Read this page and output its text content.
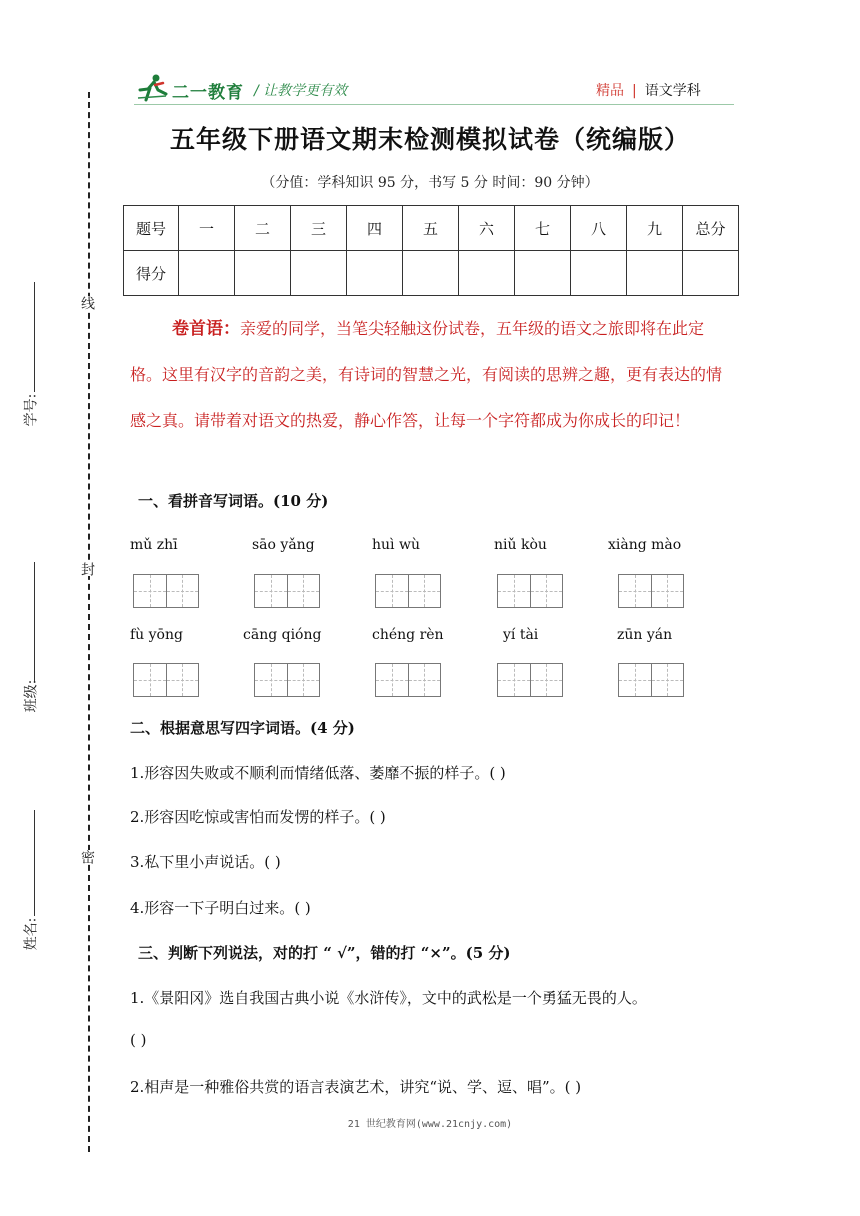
二一教育 / 让教学更有效	精品 | 语文学科
线
封
密
学号:
班级:
姓名:
五年级下册语文期末检测模拟试卷（统编版）
（分值：学科知识 95 分，书写 5 分 时间：90 分钟）
题号	一	二	三	四	五	六	七	八	九	总分
得分										
卷首语：亲爱的同学，当笔尖轻触这份试卷，五年级的语文之旅即将在此定格。这里有汉字的音韵之美，有诗词的智慧之光，有阅读的思辨之趣，更有表达的情感之真。请带着对语文的热爱，静心作答，让每一个字符都成为你成长的印记！
一、看拼音写词语。(10 分)
mǔ zhī	sāo yǎng	huì wù	niǔ kòu	xiàng mào
fù yōng	cāng qióng	chéng rèn	yí tài	zūn yán
二、根据意思写四字词语。(4 分)
1.形容因失败或不顺利而情绪低落、萎靡不振的样子。( )
2.形容因吃惊或害怕而发愣的样子。( )
3.私下里小声说话。( )
4.形容一下子明白过来。( )
三、判断下列说法，对的打 “ √”，错的打 “×”。(5 分)
1.《景阳冈》选自我国古典小说《水浒传》，文中的武松是一个勇猛无畏的人。
( )
2.相声是一种雅俗共赏的语言表演艺术，讲究“说、学、逗、唱”。( )
21 世纪教育网(www.21cnjy.com)
